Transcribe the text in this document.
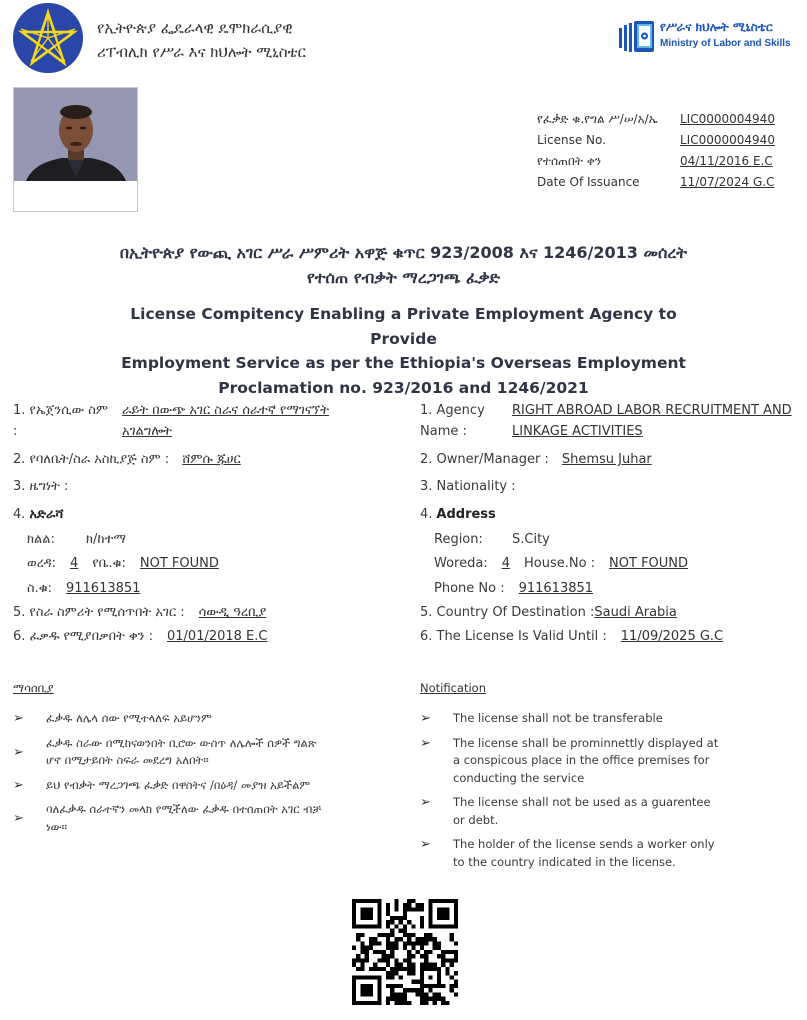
የኢትዮጵያ ፌዴራላዊ ዴሞክራሲያዊ
ሪፐብሊክ የሥራ እና ክህሎት ሚኒስቴር
የሥራና ክህሎት ሚኒስቴር
Ministry of Labor and Skills
የፈቃድ ቁ.የግል ሥ/ሠ/አ/ኤ	LIC0000004940
License No.	LIC0000004940
የተሰጠበት ቀን	04/11/2016 E.C
Date Of Issuance	11/07/2024 G.C
በኢትዮጵያ የውጪ አገር ሥራ ሥምሪት አዋጅ ቁጥር 923/2008 እና 1246/2013 መሰረት
የተሰጠ የብቃት ማረጋገጫ ፈቃድ
License Compitency Enabling a Private Employment Agency to Provide
Employment Service as per the Ethiopia's Overseas Employment
Proclamation no. 923/2016 and 1246/2021
1. የኤጀንሲው ስም	ራይት በውጭ አገር ስራና ሰራተኛ የማገናኘት
:	አገልግሎት
2. የባለቤት/ስራ አስኪያጅ ስም : ሸምሱ ጁሀር
3. ዜግነት :
4. አድራሻ
ክልል:	ክ/ከተማ
ወረዳ: 4 የቤ.ቁ: NOT FOUND
ስ.ቁ: 911613851
5. የስራ ስምሪት የሚሰጥበት አገር : ሳውዲ ዓረቢያ
6. ፈቃዱ የሚያበቃበት ቀን : 01/01/2018 E.C
1. Agency	RIGHT ABROAD LABOR RECRUITMENT AND
Name :	LINKAGE ACTIVITIES
2. Owner/Manager : Shemsu Juhar
3. Nationality :
4. Address
Region:	S.City
Woreda: 4 House.No : NOT FOUND
Phone No : 911613851
5. Country Of Destination : Saudi Arabia
6. The License Is Valid Until : 11/09/2025 G.C
ማሳሰቢያ
➢	ፈቃዱ ለሌላ ሰው የሚተላለፍ አይሆንም
➢
ፈቃዱ ስራው በሚከናወንበት ቢሮው ውስጥ ለሌሎች ሰዎች ግልጽ
ሆኖ በሚታይበት ስፍራ መደረግ አለበት።
➢	ይህ የብቃት ማረጋገጫ ፈቃድ በዋስትና /በዕዳ/ መያዝ አይችልም
➢
ባለፈቃዱ ሰራተኛን መላክ የሚችለው ፈቃዱ በተሰጠበት አገር ብቻ
ነው።
Notification
➢	The license shall not be transferable
➢	The license shall be prominnettly displayed at
a conspicous place in the office premises for
conducting the service
➢	The license shall not be used as a guarentee
or debt.
➢	The holder of the license sends a worker only
to the country indicated in the license.
